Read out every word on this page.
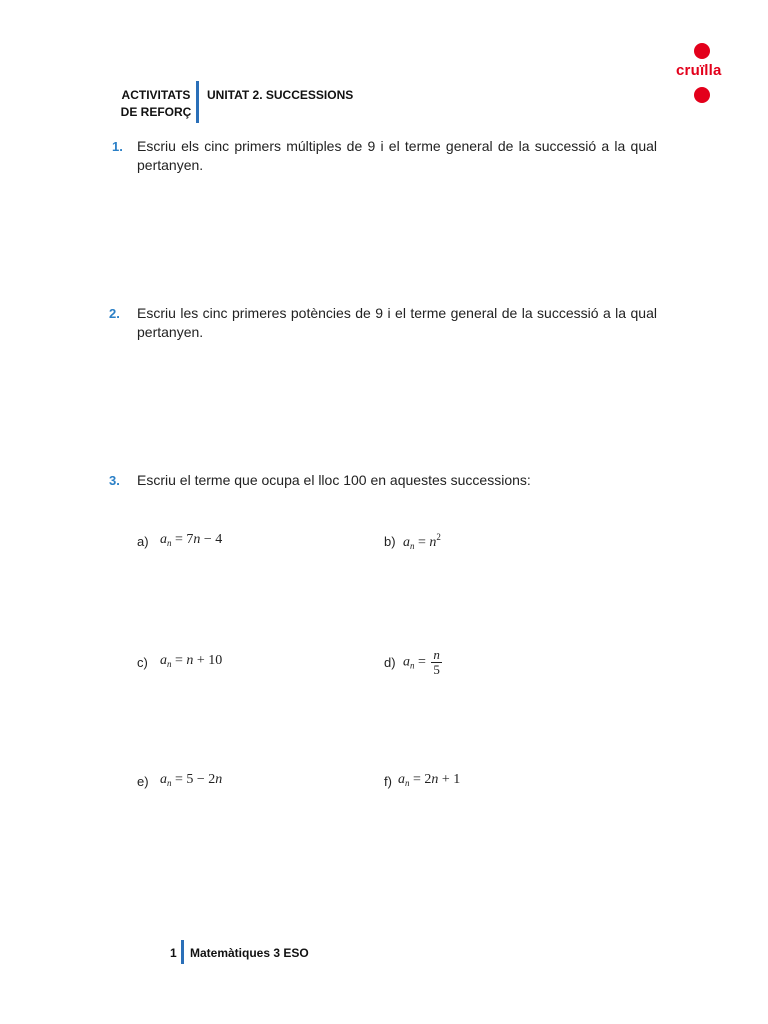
ACTIVITATS
DE REFORÇ
UNITAT 2. SUCCESSIONS
cruïlla
1. Escriu els cinc primers múltiples de 9 i el terme general de la successió a la qual pertanyen.
2. Escriu les cinc primeres potències de 9 i el terme general de la successió a la qual pertanyen.
3. Escriu el terme que ocupa el lloc 100 en aquestes successions:
a) $a_n = 7n - 4$	b) $a_n = n^2$
c) $a_n = n + 10$	d) $a_n = \frac{n}{5}$
e) $a_n = 5 - 2n$	f) $a_n = 2n + 1$
1 Matemàtiques 3 ESO
